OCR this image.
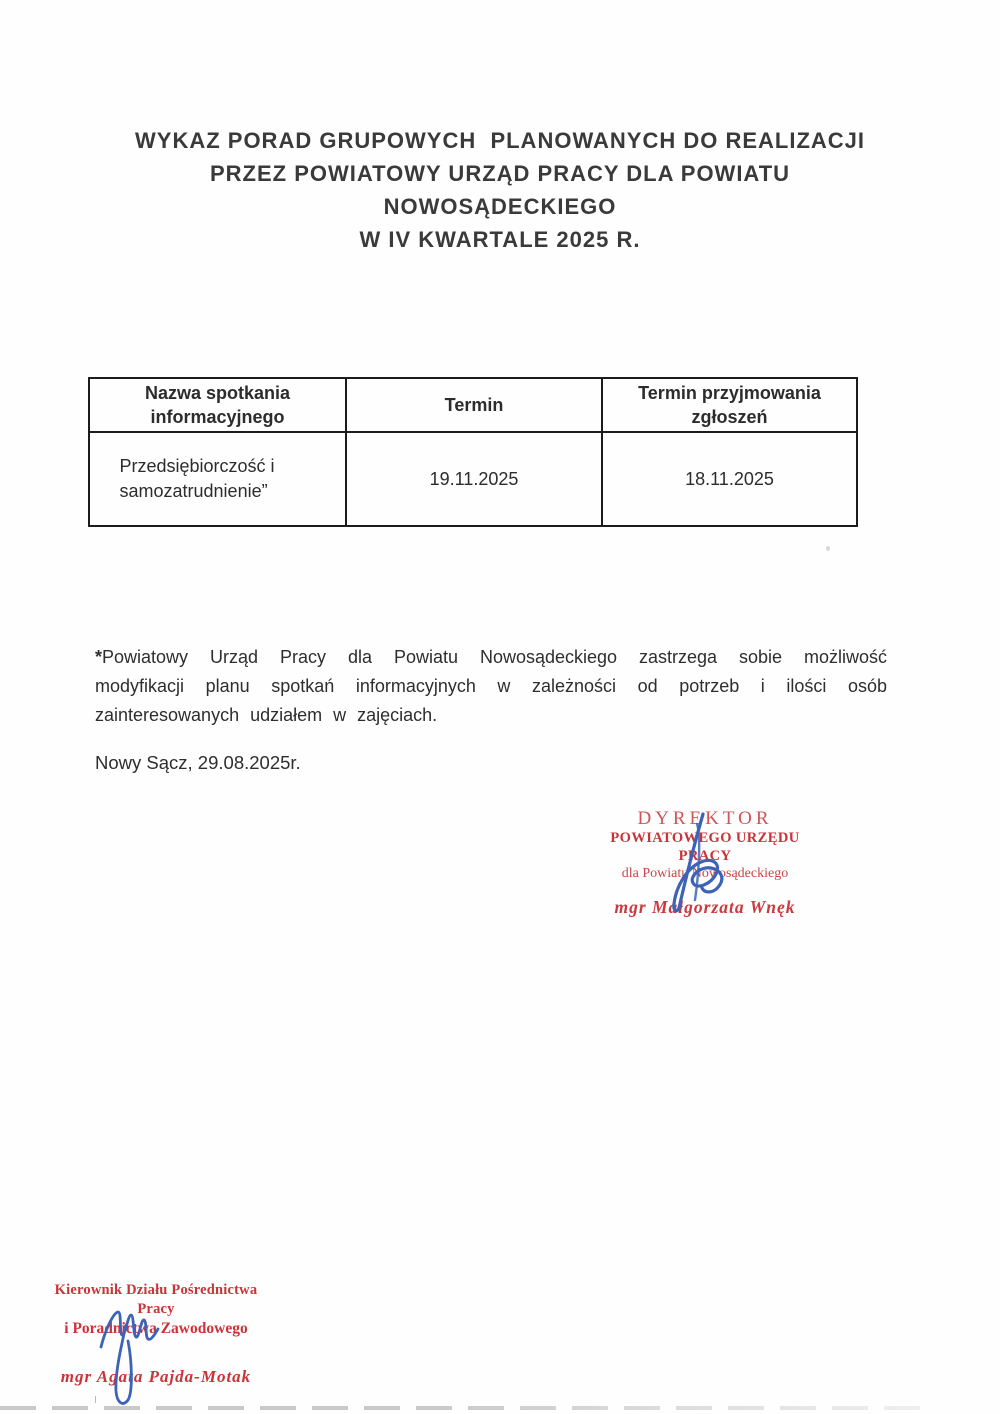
WYKAZ PORAD GRUPOWYCH  PLANOWANYCH DO REALIZACJI
PRZEZ POWIATOWY URZĄD PRACY DLA POWIATU
NOWOSĄDECKIEGO
W IV KWARTALE 2025 R.
Nazwa spotkania informacyjnego	Termin	Termin przyjmowania zgłoszeń
Przedsiębiorczość i samozatrudnienie”	19.11.2025	18.11.2025

*Powiatowy Urząd Pracy dla Powiatu Nowosądeckiego zastrzega sobie możliwość modyfikacji planu spotkań informacyjnych w zależności od potrzeb i ilości osób zainteresowanych udziałem w zajęciach.

Nowy Sącz, 29.08.2025r.
DYREKTOR
POWIATOWEGO URZĘDU PRACY
dla Powiatu Nowosądeckiego
mgr Małgorzata Wnęk
Kierownik Działu Pośrednictwa Pracy
i Poradnictwa Zawodowego
mgr Agata Pajda-Motak
